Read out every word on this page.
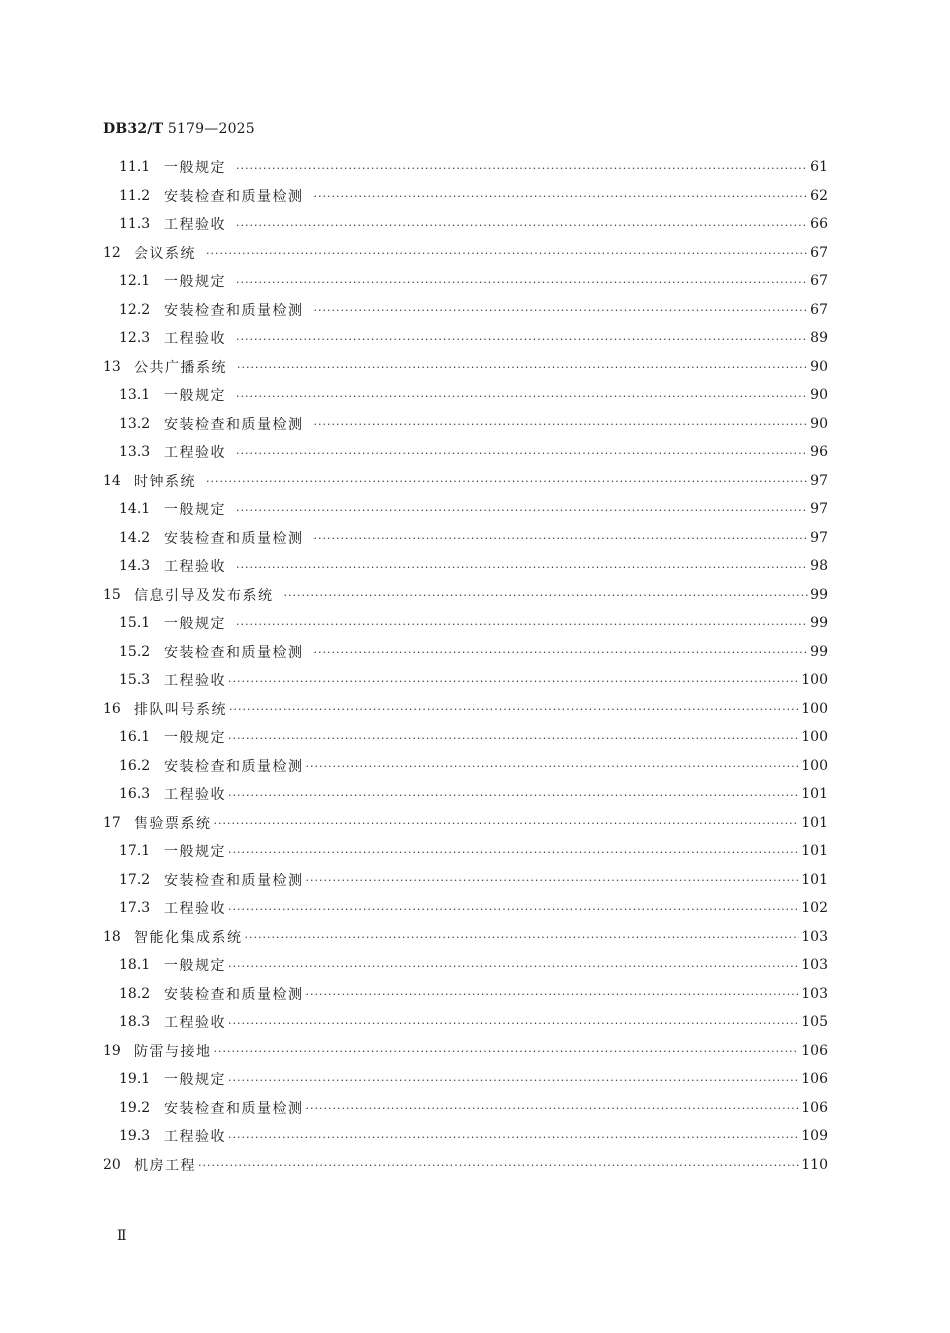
DB32/T 5179—2025
11.1 一般规定 ·····	61
11.2 安装检查和质量检测 ·····	62
11.3 工程验收 ·····	66
12 会议系统 ·····	67
12.1 一般规定 ·····	67
12.2 安装检查和质量检测 ·····	67
12.3 工程验收 ·····	89
13 公共广播系统 ·····	90
13.1 一般规定 ·····	90
13.2 安装检查和质量检测 ·····	90
13.3 工程验收 ·····	96
14 时钟系统 ·····	97
14.1 一般规定 ·····	97
14.2 安装检查和质量检测 ·····	97
14.3 工程验收 ·····	98
15 信息引导及发布系统 ·····	99
15.1 一般规定 ·····	99
15.2 安装检查和质量检测 ·····	99
15.3 工程验收 ·····	100
16 排队叫号系统 ·····	100
16.1 一般规定 ·····	100
16.2 安装检查和质量检测 ·····	100
16.3 工程验收 ·····	101
17 售验票系统 ·····	101
17.1 一般规定 ·····	101
17.2 安装检查和质量检测 ·····	101
17.3 工程验收 ·····	102
18 智能化集成系统 ·····	103
18.1 一般规定 ·····	103
18.2 安装检查和质量检测 ·····	103
18.3 工程验收 ·····	105
19 防雷与接地 ·····	106
19.1 一般规定 ·····	106
19.2 安装检查和质量检测 ·····	106
19.3 工程验收 ·····	109
20 机房工程 ·····	110
Ⅱ
